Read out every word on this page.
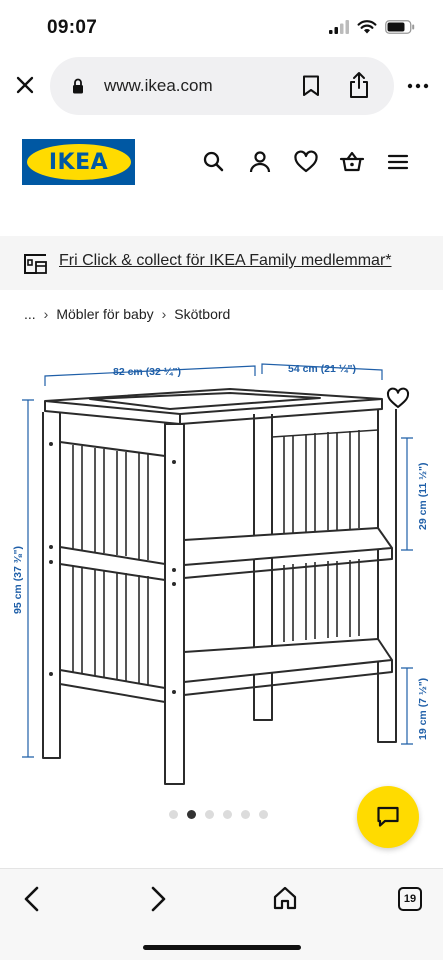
09:07
www.ikea.com
IKEA
Fri Click & collect för IKEA Family medlemmar*
... › Möbler för baby › Skötbord
82 cm (32 ¼")	54 cm (21 ¼")
95 cm (37 ⅜")
29 cm (11 ½")
19 cm (7 ½")
19
